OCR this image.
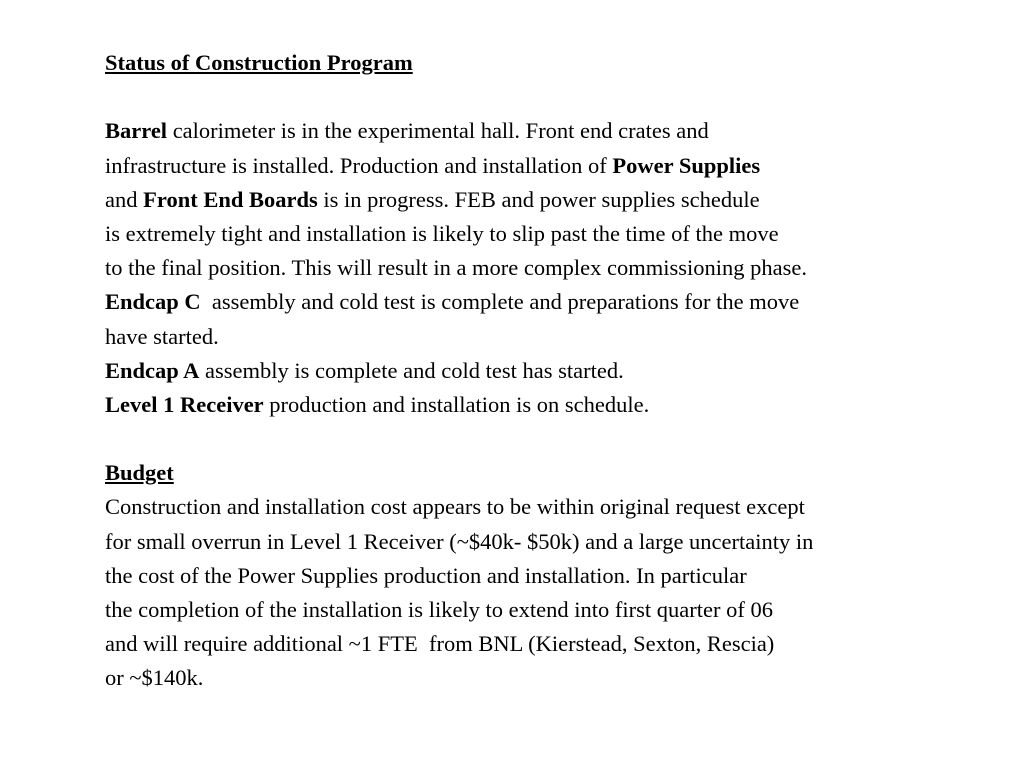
Status of Construction Program
Barrel calorimeter is in the experimental hall. Front end crates and
infrastructure is installed. Production and installation of Power Supplies
and Front End Boards is in progress. FEB and power supplies schedule
is extremely tight and installation is likely to slip past the time of the move
to the final position. This will result in a more complex commissioning phase.
Endcap C  assembly and cold test is complete and preparations for the move
have started.
Endcap A assembly is complete and cold test has started.
Level 1 Receiver production and installation is on schedule.
Budget
Construction and installation cost appears to be within original request except
for small overrun in Level 1 Receiver (~$40k- $50k) and a large uncertainty in
the cost of the Power Supplies production and installation. In particular
the completion of the installation is likely to extend into first quarter of 06
and will require additional ~1 FTE  from BNL (Kierstead, Sexton, Rescia)
or ~$140k.
